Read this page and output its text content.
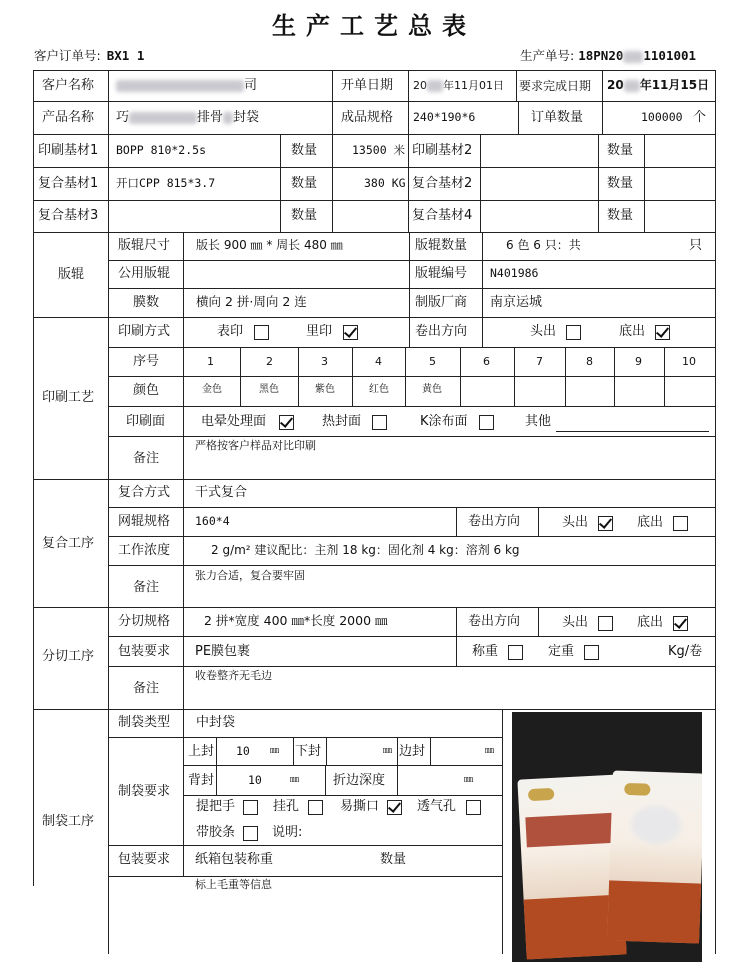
生产工艺总表
客户订单号: BX1 1	生产单号: 18PN20 1101001
客户名称	司	开单日期 20 年11月01日 要求完成日期 20 年11月15日
产品名称 巧	排骨 封袋	成品规格 240*190*6	订单数量	100000 个
印刷基材1 BOPP 810*2.5s	数量	13500 米 印刷基材2	数量
复合基材1 开口CPP 815*3.7	数量	380 KG 复合基材2	数量
复合基材3	数量	复合基材4	数量
版辊
版辊尺寸 版长 900 ㎜ * 周长 480 ㎜	版辊数量	6 色 6 只：共	只
公用版辊	版辊编号 N401986
膜数	横向 2 拼·周向 2 连	制版厂商 南京运城
印刷工艺
印刷方式	表印	里印	卷出方向	头出	底出
序号	1	2	3	4	5	6	7	8	9	10
颜色	金色	黑色	紫色	红色	黄色
印刷面	电晕处理面	热封面	K涂布面	其他
备注
严格按客户样品对比印刷
复合工序
复合方式 干式复合
网辊规格 160*4	卷出方向	头出	底出
工作浓度	2 g/m² 建议配比：主剂 18 kg：固化剂 4 kg：溶剂 6 kg
备注
张力合适，复合要牢固
分切工序
分切规格	2 拼*宽度 400 ㎜*长度 2000 ㎜	卷出方向	头出	底出
包装要求 PE膜包裹	称重	定重	Kg/卷
备注
收卷整齐无毛边
制袋工序
制袋类型 中封袋
制袋要求
上封 10 ㎜ 下封	㎜ 边封	㎜
背封	10	㎜	折边深度	㎜
提把手	挂孔	易撕口	透气孔
带胶条	说明:
包装要求 纸箱包装称重	数量
标上毛重等信息
